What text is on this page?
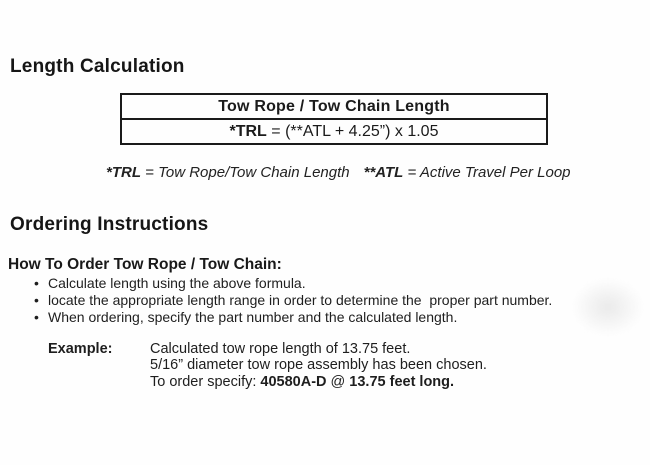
Length Calculation
Tow Rope / Tow Chain Length
*TRL = (**ATL + 4.25”) x 1.05
*TRL = Tow Rope/Tow Chain Length **ATL = Active Travel Per Loop
Ordering Instructions
How To Order Tow Rope / Tow Chain:
• Calculate length using the above formula.
• locate the appropriate length range in order to determine the  proper part number.
• When ordering, specify the part number and the calculated length.
Example:	Calculated tow rope length of 13.75 feet.
5/16” diameter tow rope assembly has been chosen.
To order specify: 40580A-D @ 13.75 feet long.
